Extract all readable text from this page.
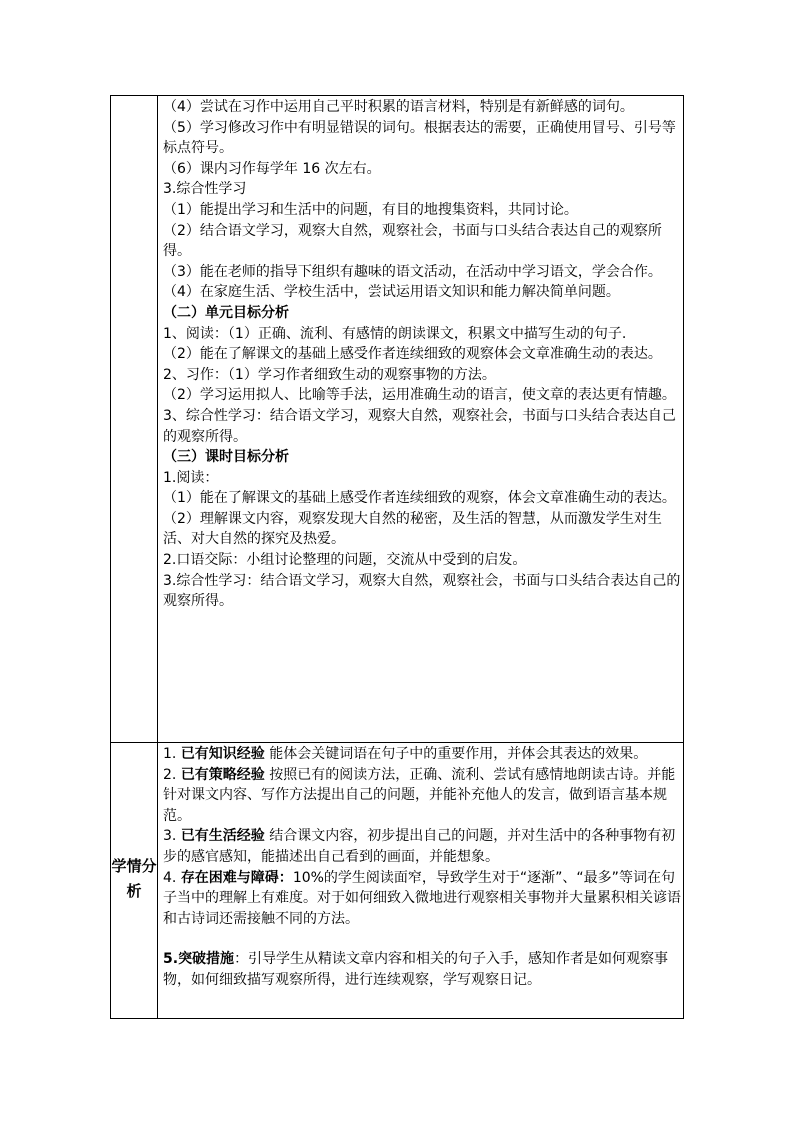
（4）尝试在习作中运用自己平时积累的语言材料，特别是有新鲜感的词句。

（5）学习修改习作中有明显错误的词句。根据表达的需要，正确使用冒号、引号等标点符号。

（6）课内习作每学年 16 次左右。

3.综合性学习

（1）能提出学习和生活中的问题，有目的地搜集资料，共同讨论。

（2）结合语文学习，观察大自然，观察社会，书面与口头结合表达自己的观察所得。

（3）能在老师的指导下组织有趣味的语文活动，在活动中学习语文，学会合作。

（4）在家庭生活、学校生活中，尝试运用语文知识和能力解决简单问题。

（二）单元目标分析

1、阅读：（1）正确、流利、有感情的朗读课文，积累文中描写生动的句子.

（2）能在了解课文的基础上感受作者连续细致的观察体会文章准确生动的表达。

2、习作：（1）学习作者细致生动的观察事物的方法。

（2）学习运用拟人、比喻等手法，运用准确生动的语言，使文章的表达更有情趣。

3、综合性学习：结合语文学习，观察大自然，观察社会，书面与口头结合表达自己的观察所得。

（三）课时目标分析

1.阅读：

（1）能在了解课文的基础上感受作者连续细致的观察，体会文章准确生动的表达。

（2）理解课文内容，观察发现大自然的秘密，及生活的智慧，从而激发学生对生活、对大自然的探究及热爱。

2.口语交际：小组讨论整理的问题，交流从中受到的启发。

3.综合性学习：结合语文学习，观察大自然，观察社会，书面与口头结合表达自己的观察所得。

学情分析

1. 已有知识经验 能体会关键词语在句子中的重要作用，并体会其表达的效果。

2. 已有策略经验 按照已有的阅读方法，正确、流利、尝试有感情地朗读古诗。并能针对课文内容、写作方法提出自己的问题，并能补充他人的发言，做到语言基本规范。

3. 已有生活经验 结合课文内容，初步提出自己的问题，并对生活中的各种事物有初步的感官感知，能描述出自己看到的画面，并能想象。

4. 存在困难与障碍：10%的学生阅读面窄，导致学生对于“逐渐”、“最多”等词在句子当中的理解上有难度。对于如何细致入微地进行观察相关事物并大量累积相关谚语和古诗词还需接触不同的方法。

5.突破措施：引导学生从精读文章内容和相关的句子入手，感知作者是如何观察事物，如何细致描写观察所得，进行连续观察，学写观察日记。
